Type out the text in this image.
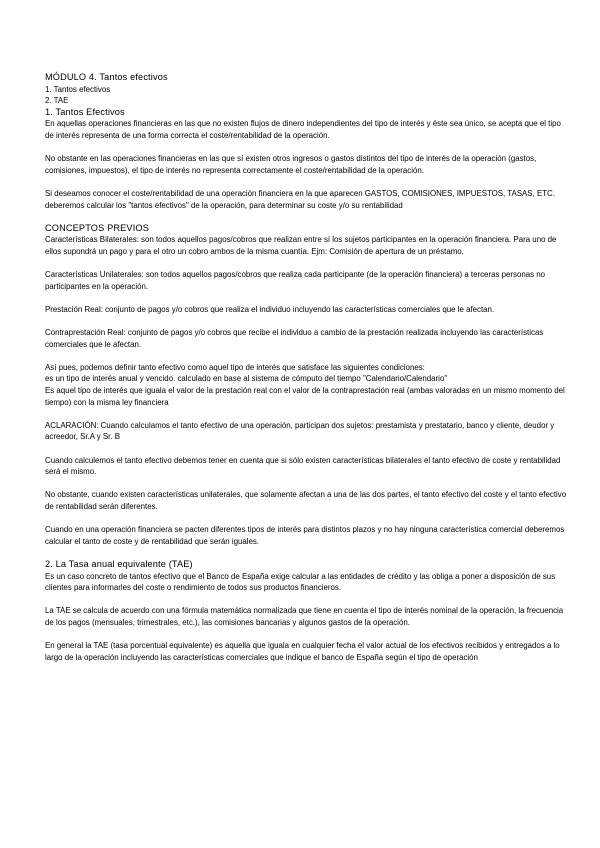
MÓDULO 4. Tantos efectivos

1. Tantos efectivos

2. TAE

1. Tantos Efectivos

En aquellas operaciones financieras en las que no existen flujos de dinero independientes del tipo de interés y éste sea único, se acepta que el tipo de interés representa de una forma correcta el coste/rentabilidad de la operación.

No obstante en las operaciones financieras en las que sí existen otros ingresos o gastos distintos del tipo de interés de la operación (gastos, comisiones, impuestos), el tipo de interés no representa correctamente el coste/rentabilidad de la operación.

Si deseamos conocer el coste/rentabilidad de una operación financiera en la que aparecen GASTOS, COMISIONES, IMPUESTOS, TASAS, ETC. deberemos calcular los "tantos efectivos" de la operación, para determinar su coste y/o su rentabilidad

CONCEPTOS PREVIOS

Características Bilaterales: son todos aquellos pagos/cobros que realizan entre sí los sujetos participantes en la operación financiera. Para uno de ellos supondrá un pago y para el otro un cobro ambos de la misma cuantía. Ejm: Comisión de apertura de un préstamo.

Características Unilaterales: son todos aquellos pagos/cobros que realiza cada participante (de la operación financiera) a terceras personas no participantes en la operación.

Prestación Real: conjunto de pagos y/o cobros que realiza el individuo incluyendo las características comerciales que le afectan.

Contraprestación Real: conjunto de pagos y/o cobros que recibe el individuo a cambio de la prestación realizada incluyendo las características comerciales que le afectan.

Así pues, podemos definir tanto efectivo como aquel tipo de interés que satisface las siguientes condiciones:

es un tipo de interés anual y vencido. calculado en base al sistema de cómputo del tiempo "Calendario/Calendario"

Es aquel tipo de interés que iguala el valor de la prestación real con el valor de la contraprestación real (ambas valoradas en un mismo momento del tiempo) con la misma ley financiera

ACLARACIÓN: Cuando calculamos el tanto efectivo de una operación, participan dos sujetos: prestamista y prestatario, banco y cliente, deudor y acreedor, Sr.A y Sr. B

Cuando calculemos el tanto efectivo debemos tener en cuenta que si sólo existen características bilaterales el tanto efectivo de coste y rentabilidad será el mismo.

No obstante, cuando existen características unilaterales, que solamente afectan a una de las dos partes, el tanto efectivo del coste y el tanto efectivo de rentabilidad serán diferentes.

Cuando en una operación financiera se pacten diferentes tipos de interés para distintos plazos y no hay ninguna característica comercial deberemos calcular el tanto de coste y de rentabilidad que serán iguales.

2. La Tasa anual equivalente (TAE)

Es un caso concreto de tantos efectivo que el Banco de España exige calcular a las entidades de crédito y las obliga a poner a disposición de sus clientes para informarles del coste o rendimiento de todos sus productos financieros.

La TAE se calcula de acuerdo con una fórmula matemática normalizada que tiene en cuenta el tipo de interés nominal de la operación, la frecuencia de los pagos (mensuales, trimestrales, etc.), las comisiones bancarias y algunos gastos de la operación.

En general la TAE (tasa porcentual equivalente) es aquella que iguala en cualquier fecha el valor actual de los efectivos recibidos y entregados a lo largo de la operación incluyendo las características comerciales que indique el banco de España según el tipo de operación
